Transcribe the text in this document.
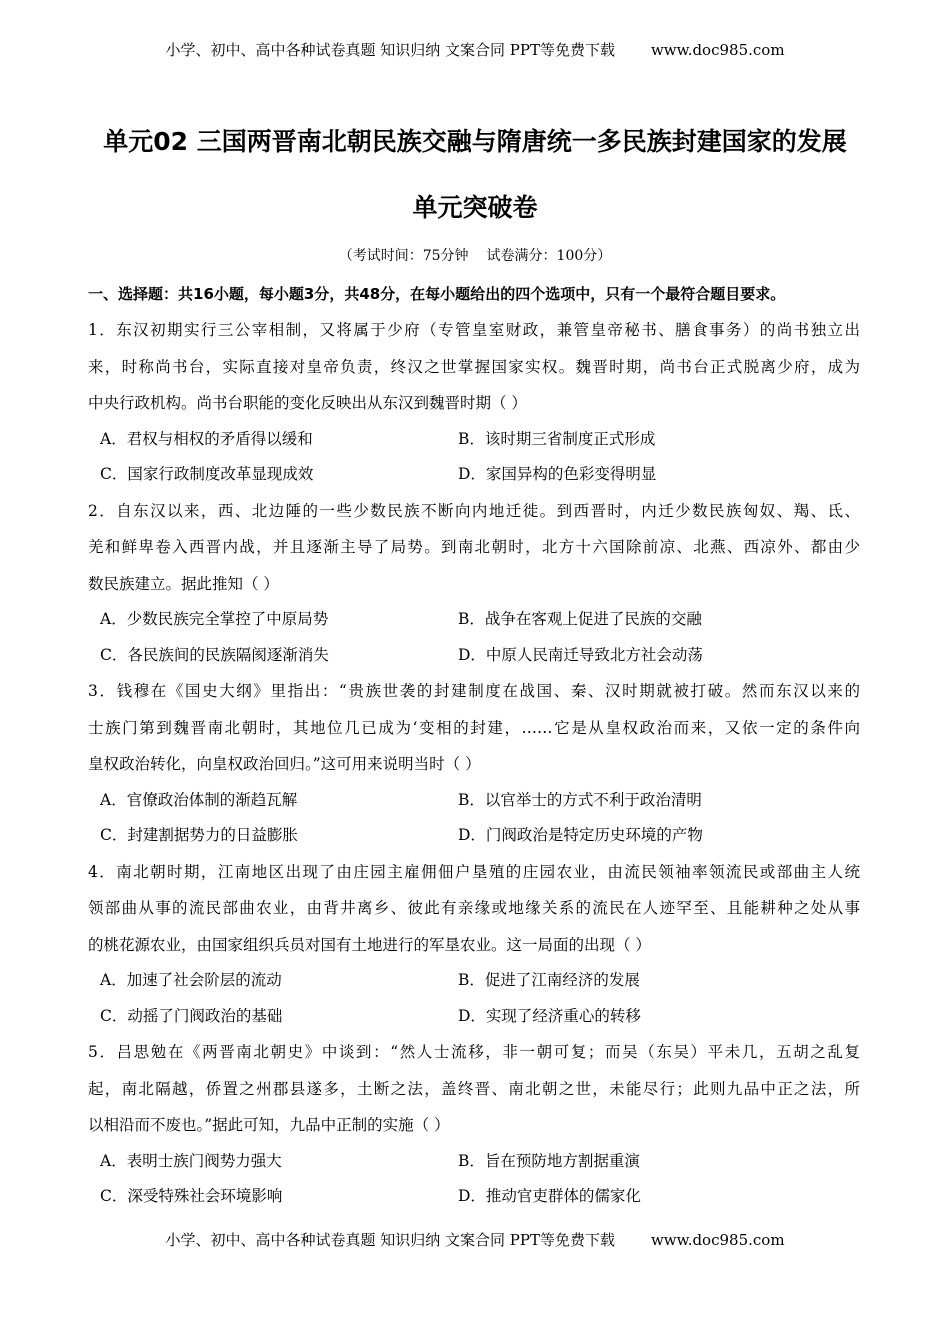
小学、初中、高中各种试卷真题 知识归纳 文案合同 PPT等免费下载 www.doc985.com
单元02 三国两晋南北朝民族交融与隋唐统一多民族封建国家的发展
单元突破卷
（考试时间：75分钟 试卷满分：100分）
一、选择题：共16小题，每小题3分，共48分，在每小题给出的四个选项中，只有一个最符合题目要求。
1．东汉初期实行三公宰相制，又将属于少府（专管皇室财政，兼管皇帝秘书、膳食事务）的尚书独立出
来，时称尚书台，实际直接对皇帝负责，终汉之世掌握国家实权。魏晋时期，尚书台正式脱离少府，成为
中央行政机构。尚书台职能的变化反映出从东汉到魏晋时期（ ）
A．君权与相权的矛盾得以缓和	B．该时期三省制度正式形成
C．国家行政制度改革显现成效	D．家国异构的色彩变得明显
2．自东汉以来，西、北边陲的一些少数民族不断向内地迁徙。到西晋时，内迁少数民族匈奴、羯、氐、
羌和鲜卑卷入西晋内战，并且逐渐主导了局势。到南北朝时，北方十六国除前凉、北燕、西凉外、都由少
数民族建立。据此推知（ ）
A．少数民族完全掌控了中原局势	B．战争在客观上促进了民族的交融
C．各民族间的民族隔阂逐渐消失	D．中原人民南迁导致北方社会动荡
3．钱穆在《国史大纲》里指出：“贵族世袭的封建制度在战国、秦、汉时期就被打破。然而东汉以来的
士族门第到魏晋南北朝时，其地位几已成为‘变相的封建，……它是从皇权政治而来，又依一定的条件向
皇权政治转化，向皇权政治回归。”这可用来说明当时（ ）
A．官僚政治体制的渐趋瓦解	B．以官举士的方式不利于政治清明
C．封建割据势力的日益膨胀	D．门阀政治是特定历史环境的产物
4．南北朝时期，江南地区出现了由庄园主雇佣佃户垦殖的庄园农业，由流民领袖率领流民或部曲主人统
领部曲从事的流民部曲农业，由背井离乡、彼此有亲缘或地缘关系的流民在人迹罕至、且能耕种之处从事
的桃花源农业，由国家组织兵员对国有土地进行的军垦农业。这一局面的出现（ ）
A．加速了社会阶层的流动	B．促进了江南经济的发展
C．动摇了门阀政治的基础	D．实现了经济重心的转移
5．吕思勉在《两晋南北朝史》中谈到：“然人士流移，非一朝可复；而吴（东吴）平未几，五胡之乱复
起，南北隔越，侨置之州郡县遂多，土断之法，盖终晋、南北朝之世，未能尽行；此则九品中正之法，所
以相沿而不废也。”据此可知，九品中正制的实施（ ）
A．表明士族门阀势力强大	B．旨在预防地方割据重演
C．深受特殊社会环境影响	D．推动官吏群体的儒家化
小学、初中、高中各种试卷真题 知识归纳 文案合同 PPT等免费下载 www.doc985.com
